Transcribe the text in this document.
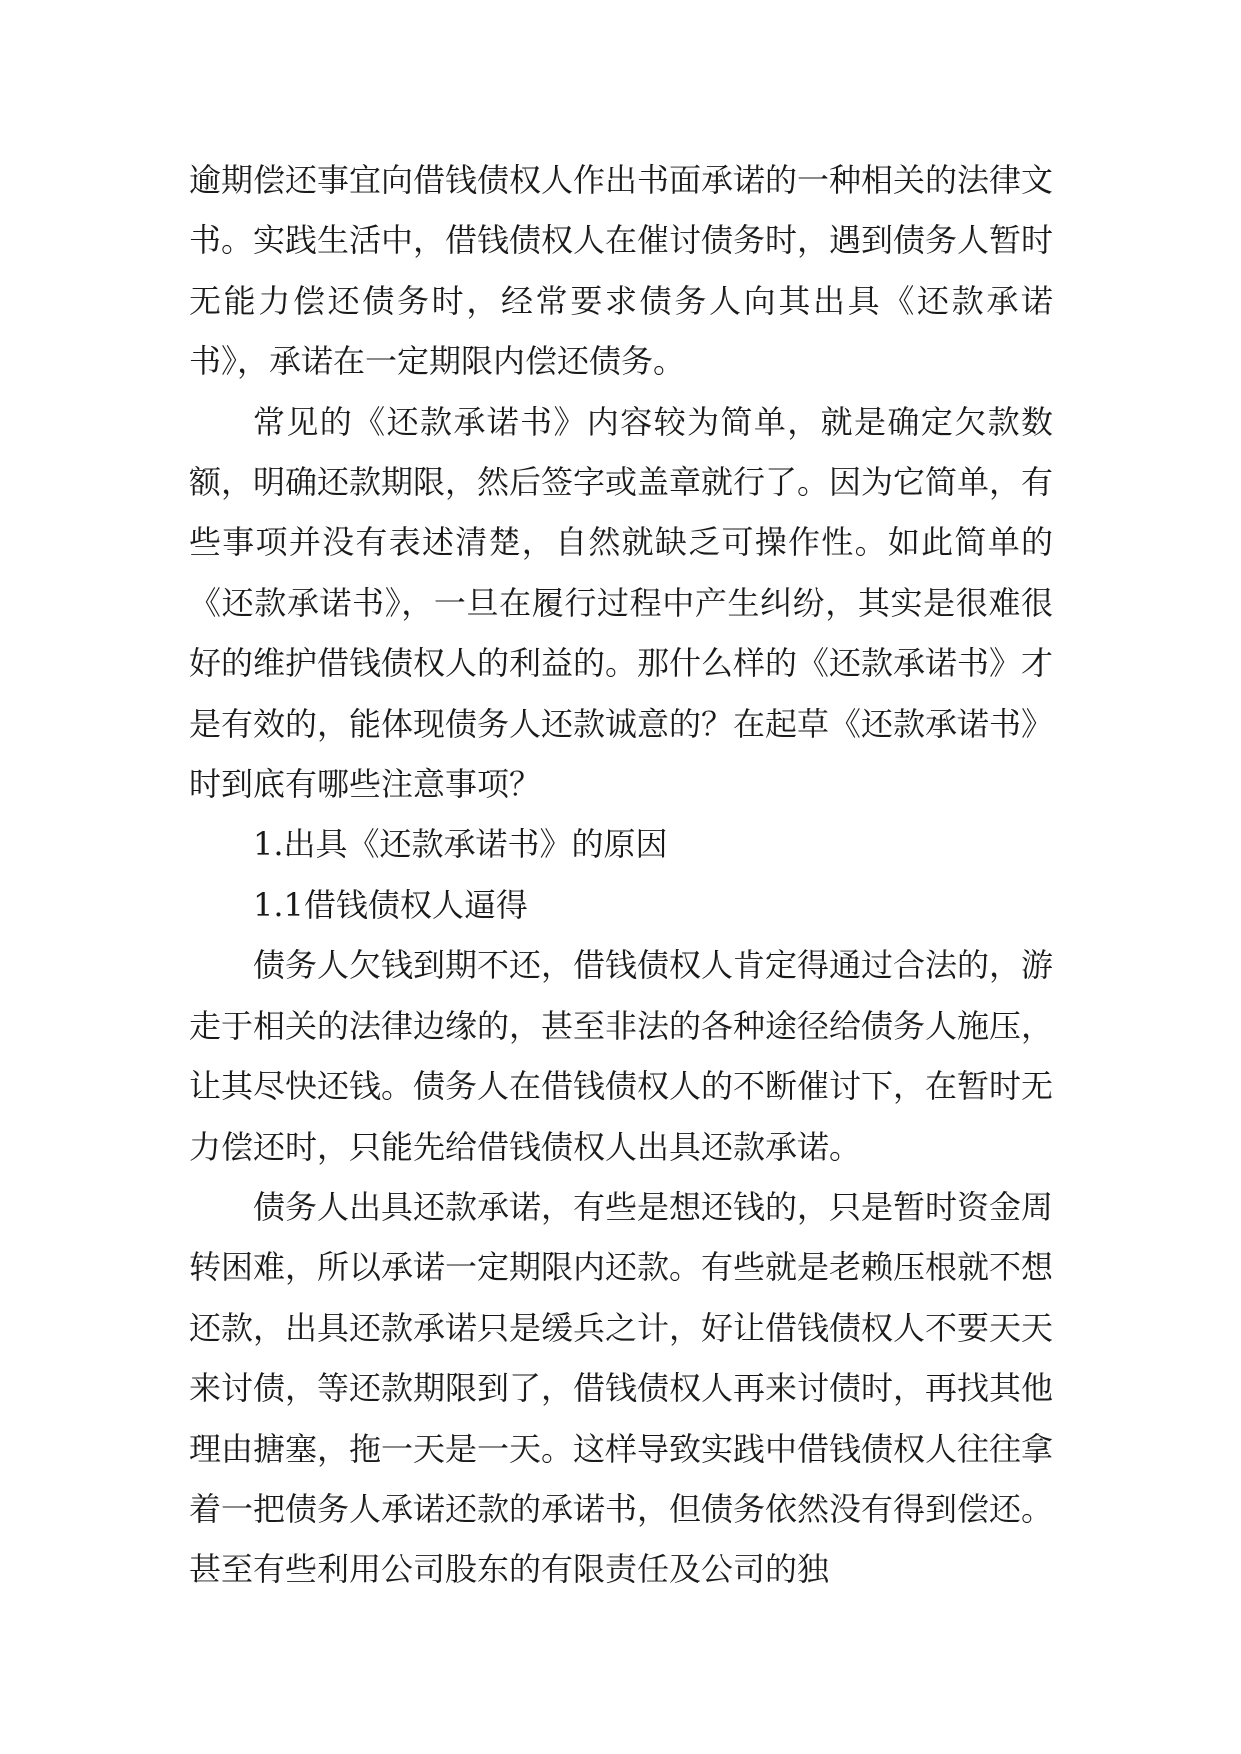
逾期偿还事宜向借钱债权人作出书面承诺的一种相关的法律文书。实践生活中，借钱债权人在催讨债务时，遇到债务人暂时无能力偿还债务时，经常要求债务人向其出具《还款承诺书》，承诺在一定期限内偿还债务。

常见的《还款承诺书》内容较为简单，就是确定欠款数额，明确还款期限，然后签字或盖章就行了。因为它简单，有些事项并没有表述清楚，自然就缺乏可操作性。如此简单的《还款承诺书》，一旦在履行过程中产生纠纷，其实是很难很好的维护借钱债权人的利益的。那什么样的《还款承诺书》才是有效的，能体现债务人还款诚意的？在起草《还款承诺书》时到底有哪些注意事项？

1.出具《还款承诺书》的原因

1.1借钱债权人逼得

债务人欠钱到期不还，借钱债权人肯定得通过合法的，游走于相关的法律边缘的，甚至非法的各种途径给债务人施压，让其尽快还钱。债务人在借钱债权人的不断催讨下，在暂时无力偿还时，只能先给借钱债权人出具还款承诺。

债务人出具还款承诺，有些是想还钱的，只是暂时资金周转困难，所以承诺一定期限内还款。有些就是老赖压根就不想还款，出具还款承诺只是缓兵之计，好让借钱债权人不要天天来讨债，等还款期限到了，借钱债权人再来讨债时，再找其他理由搪塞，拖一天是一天。这样导致实践中借钱债权人往往拿着一把债务人承诺还款的承诺书，但债务依然没有得到偿还。甚至有些利用公司股东的有限责任及公司的独
